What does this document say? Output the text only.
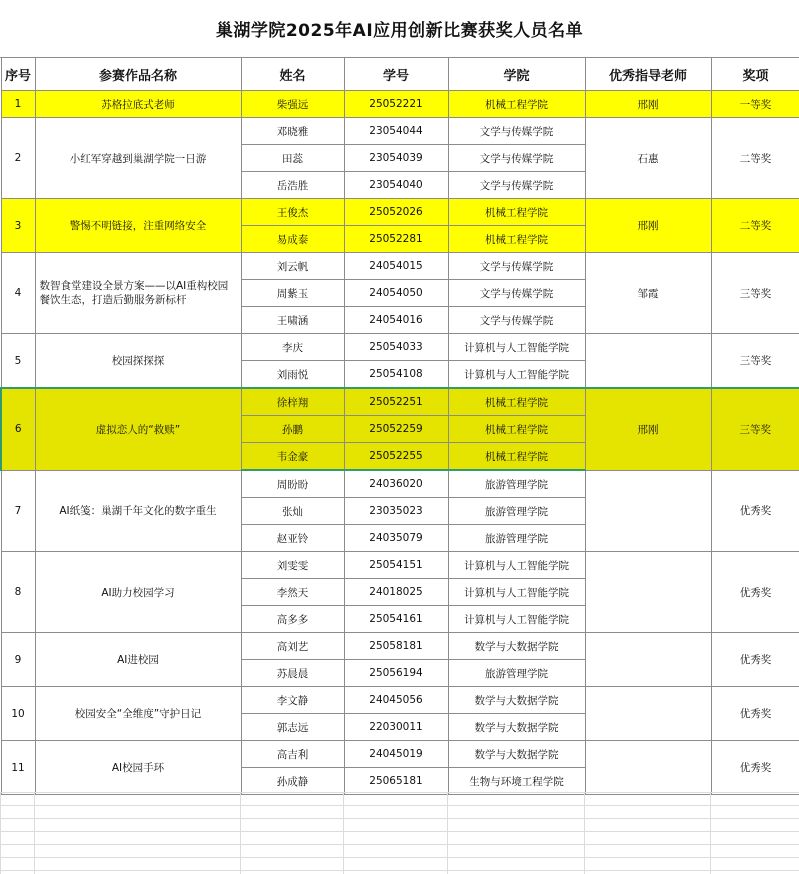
巢湖学院2025年AI应用创新比赛获奖人员名单
序号	参赛作品名称	姓名	学号	学院	优秀指导老师	奖项
1	苏格拉底式老师	柴强远	25052221	机械工程学院	邢刚	一等奖
2	小红军穿越到巢湖学院一日游	邓晓雅	23054044	文学与传媒学院	石惠	二等奖
		田蕊	23054039	文学与传媒学院		
		岳浩胜	23054040	文学与传媒学院		
3	警惕不明链接，注重网络安全	王俊杰	25052026	机械工程学院	邢刚	二等奖
		易成泰	25052281	机械工程学院		
4	数智食堂建设全景方案——以AI重构校园餐饮生态，打造后勤服务新标杆	刘云帆	24054015	文学与传媒学院	邹霞	三等奖
		周紫玉	24054050	文学与传媒学院		
		王啸涵	24054016	文学与传媒学院		
5	校园探探探	李庆	25054033	计算机与人工智能学院		三等奖
		刘雨悦	25054108	计算机与人工智能学院		
6	虚拟恋人的“救赎”	徐梓翔	25052251	机械工程学院	邢刚	三等奖
		孙鹏	25052259	机械工程学院		
		韦金豪	25052255	机械工程学院		
7	AI纸笺：巢湖千年文化的数字重生	周盼盼	24036020	旅游管理学院		优秀奖
		张灿	23035023	旅游管理学院		
		赵亚铃	24035079	旅游管理学院		
8	AI助力校园学习	刘雯雯	25054151	计算机与人工智能学院		优秀奖
		李然天	24018025	计算机与人工智能学院		
		高多多	25054161	计算机与人工智能学院		
9	AI进校园	高刘艺	25058181	数学与大数据学院		优秀奖
		苏晨晨	25056194	旅游管理学院		
10	校园安全“全维度”守护日记	李文静	24045056	数学与大数据学院		优秀奖
		郭志远	22030011	数学与大数据学院		
11	AI校园手环	高吉利	24045019	数学与大数据学院		优秀奖
		孙成静	25065181	生物与环境工程学院		
